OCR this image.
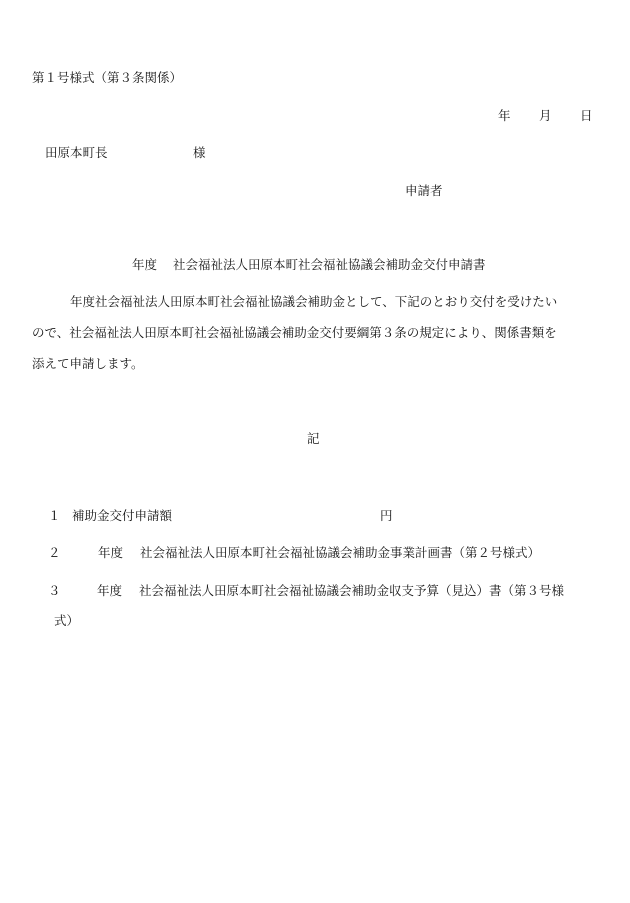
第１号様式（第３条関係）
年 月 日
田原本町長	様
申請者
年度 社会福祉法人田原本町社会福祉協議会補助金交付申請書
年度社会福祉法人田原本町社会福祉協議会補助金として、下記のとおり交付を受けたい
ので、社会福祉法人田原本町社会福祉協議会補助金交付要綱第３条の規定により、関係書類を
添えて申請します。
記
１ 補助金交付申請額	円
２	年度 社会福祉法人田原本町社会福祉協議会補助金事業計画書（第２号様式）
３	年度 社会福祉法人田原本町社会福祉協議会補助金収支予算（見込）書（第３号様
式）
